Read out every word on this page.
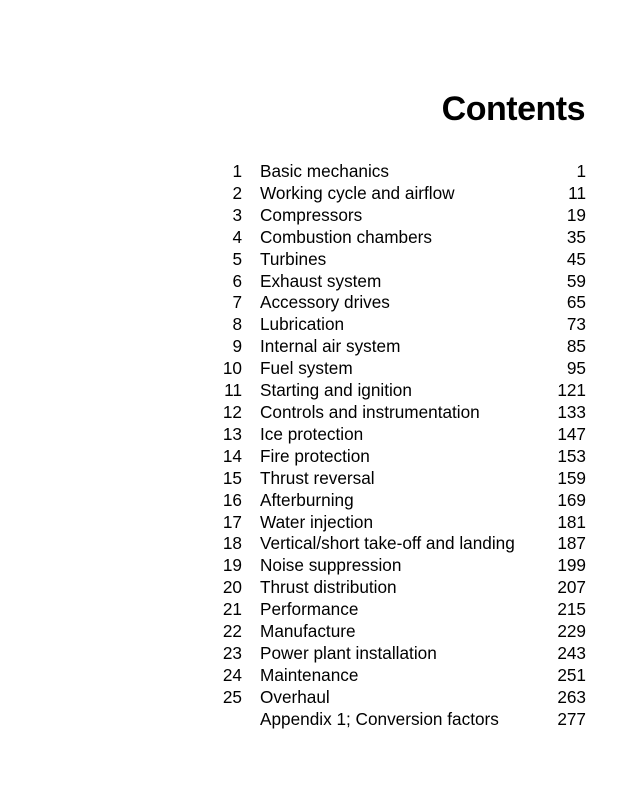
Contents
1	Basic mechanics	1
2	Working cycle and airflow	11
3	Compressors	19
4	Combustion chambers	35
5	Turbines	45
6	Exhaust system	59
7	Accessory drives	65
8	Lubrication	73
9	Internal air system	85
10	Fuel system	95
11	Starting and ignition	121
12	Controls and instrumentation	133
13	Ice protection	147
14	Fire protection	153
15	Thrust reversal	159
16	Afterburning	169
17	Water injection	181
18	Vertical/short take-off and landing	187
19	Noise suppression	199
20	Thrust distribution	207
21	Performance	215
22	Manufacture	229
23	Power plant installation	243
24	Maintenance	251
25	Overhaul	263
Appendix 1; Conversion factors	277
